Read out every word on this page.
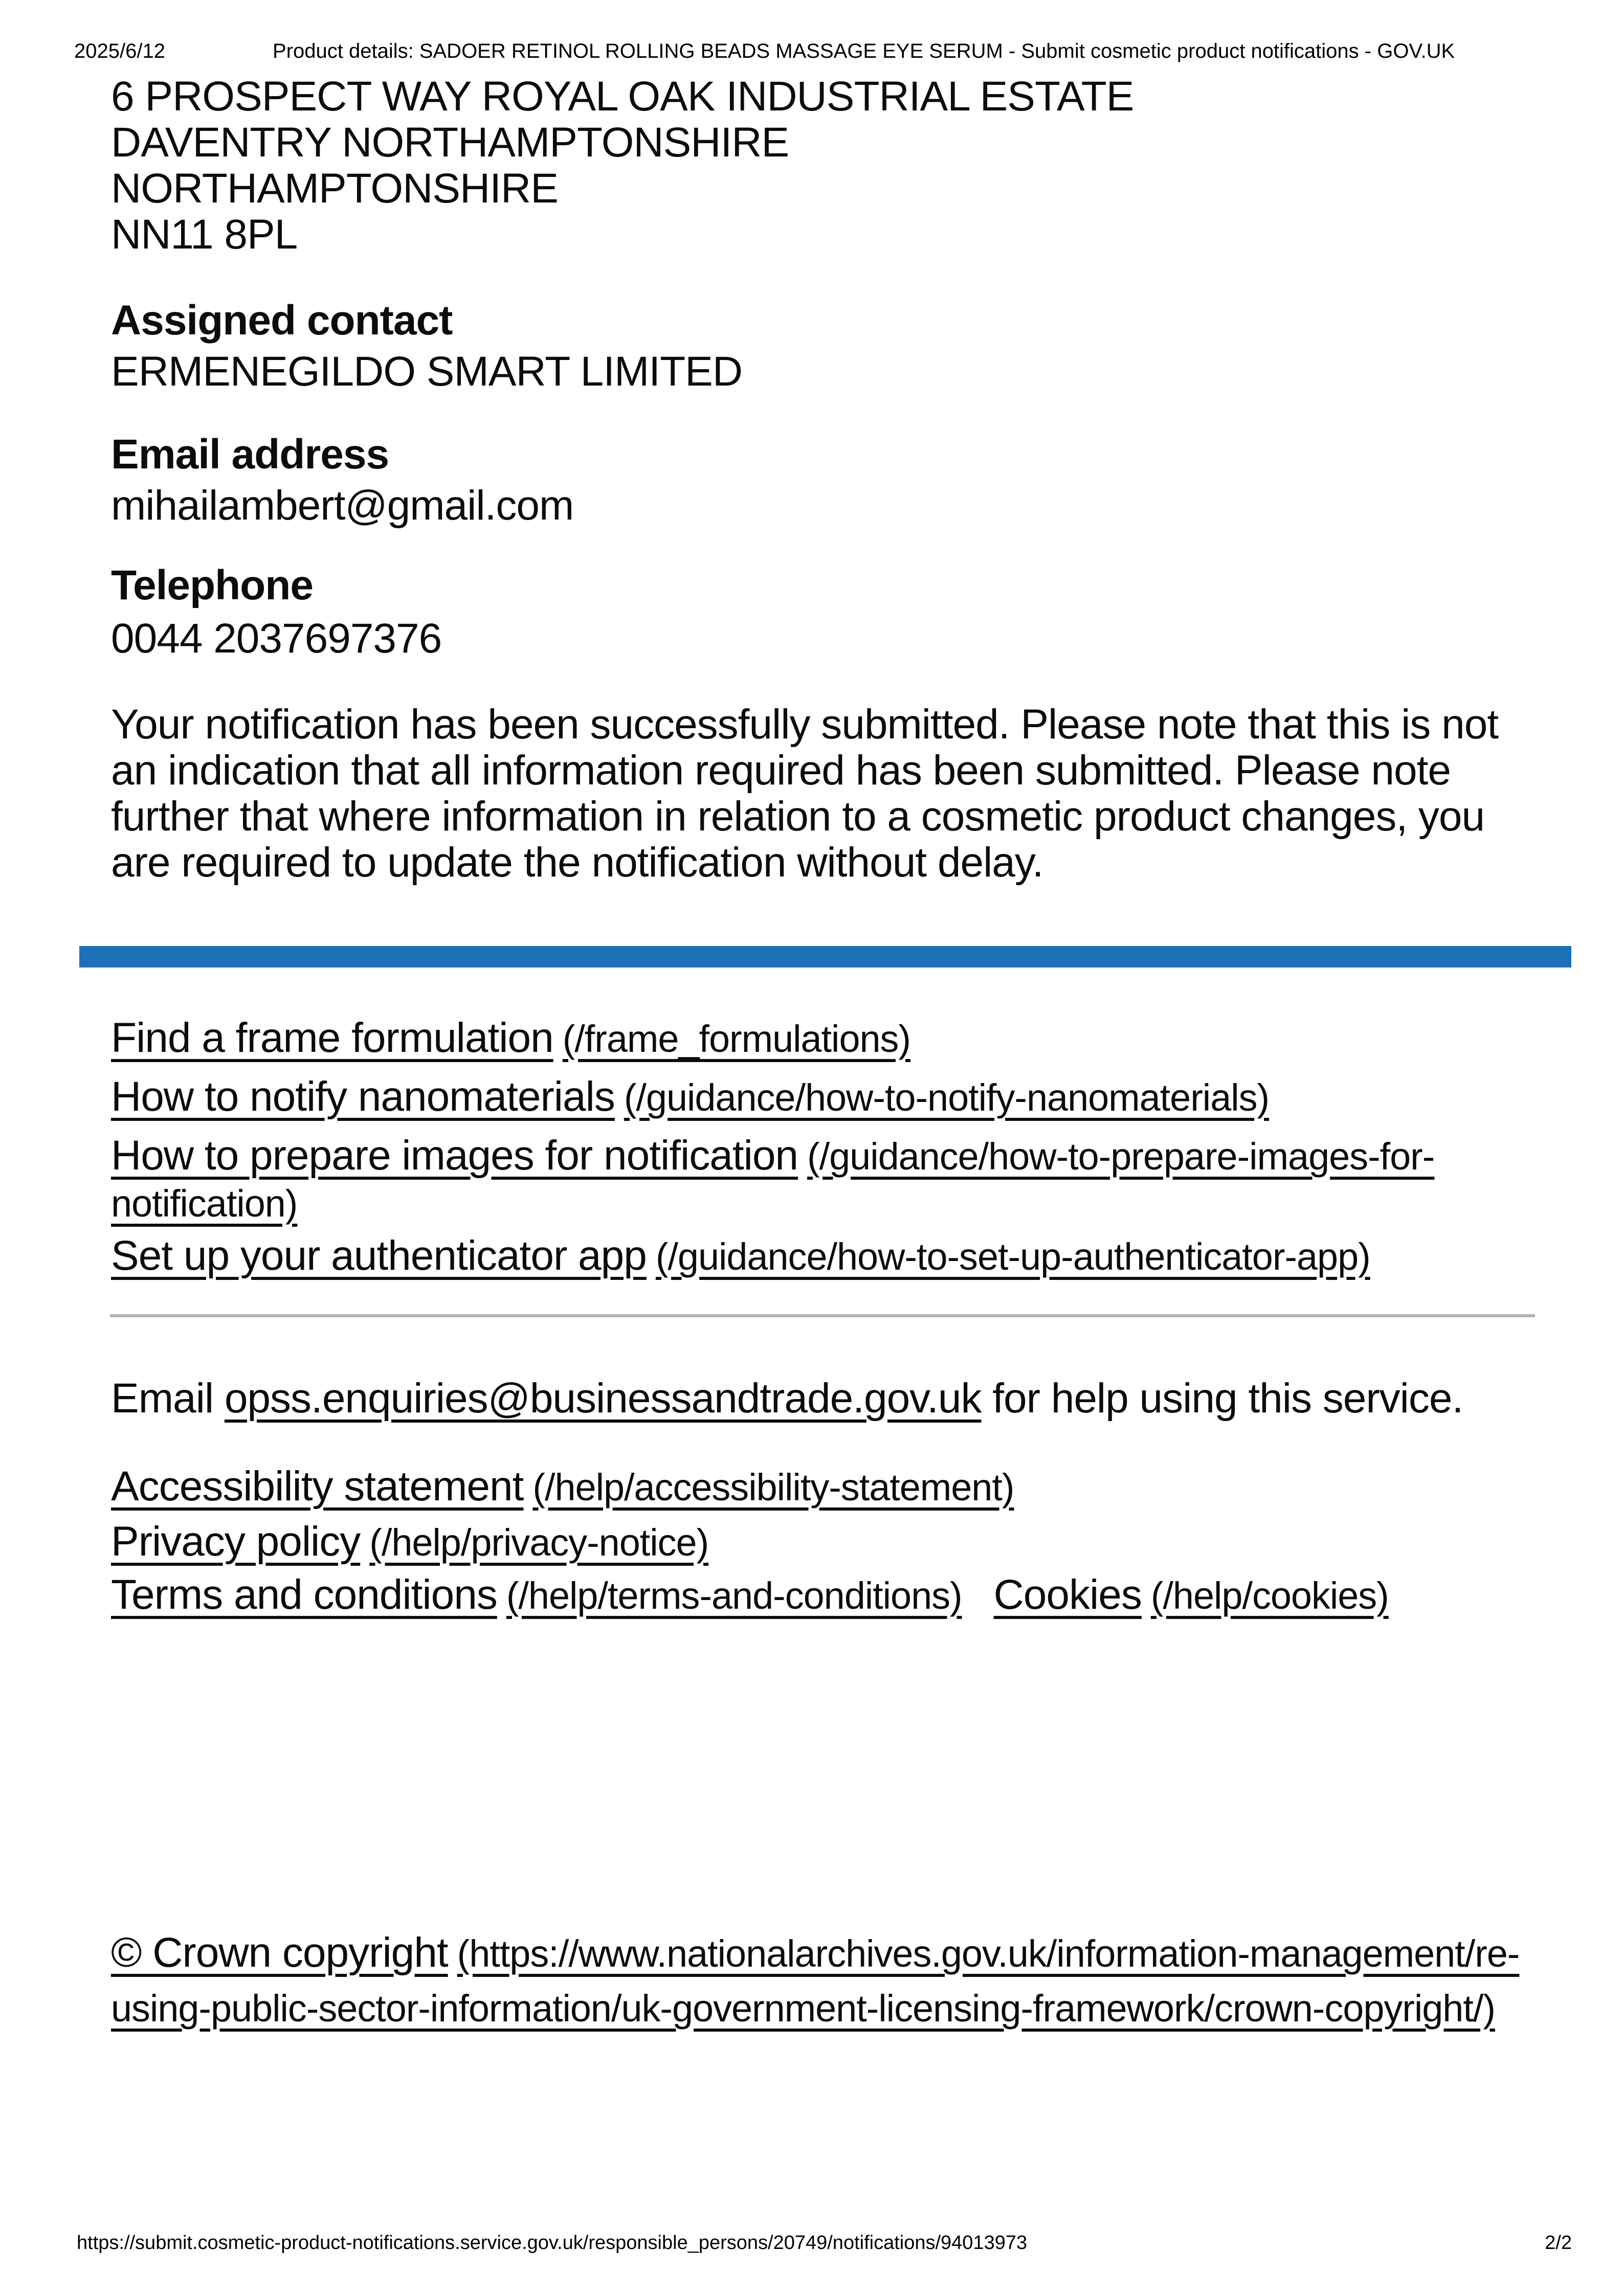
2025/6/12	Product details: SADOER RETINOL ROLLING BEADS MASSAGE EYE SERUM - Submit cosmetic product notifications - GOV.UK
6 PROSPECT WAY ROYAL OAK INDUSTRIAL ESTATE
DAVENTRY NORTHAMPTONSHIRE
NORTHAMPTONSHIRE
NN11 8PL
Assigned contact
ERMENEGILDO SMART LIMITED
Email address
mihailambert@gmail.com
Telephone
0044 2037697376

Your notification has been successfully submitted. Please note that this is not an indication that all information required has been submitted. Please note further that where information in relation to a cosmetic product changes, you are required to update the notification without delay.

Find a frame formulation (/frame_formulations)

How to notify nanomaterials (/guidance/how-to-notify-nanomaterials)

How to prepare images for notification (/guidance/how-to-prepare-images-for-notification)

Set up your authenticator app (/guidance/how-to-set-up-authenticator-app)

Email opss.enquiries@businessandtrade.gov.uk for help using this service.

Accessibility statement (/help/accessibility-statement)

Privacy policy (/help/privacy-notice)

Terms and conditions (/help/terms-and-conditions) Cookies (/help/cookies)

© Crown copyright (https://www.nationalarchives.gov.uk/information-management/re-using-public-sector-information/uk-government-licensing-framework/crown-copyright/)

https://submit.cosmetic-product-notifications.service.gov.uk/responsible_persons/20749/notifications/94013973	2/2
